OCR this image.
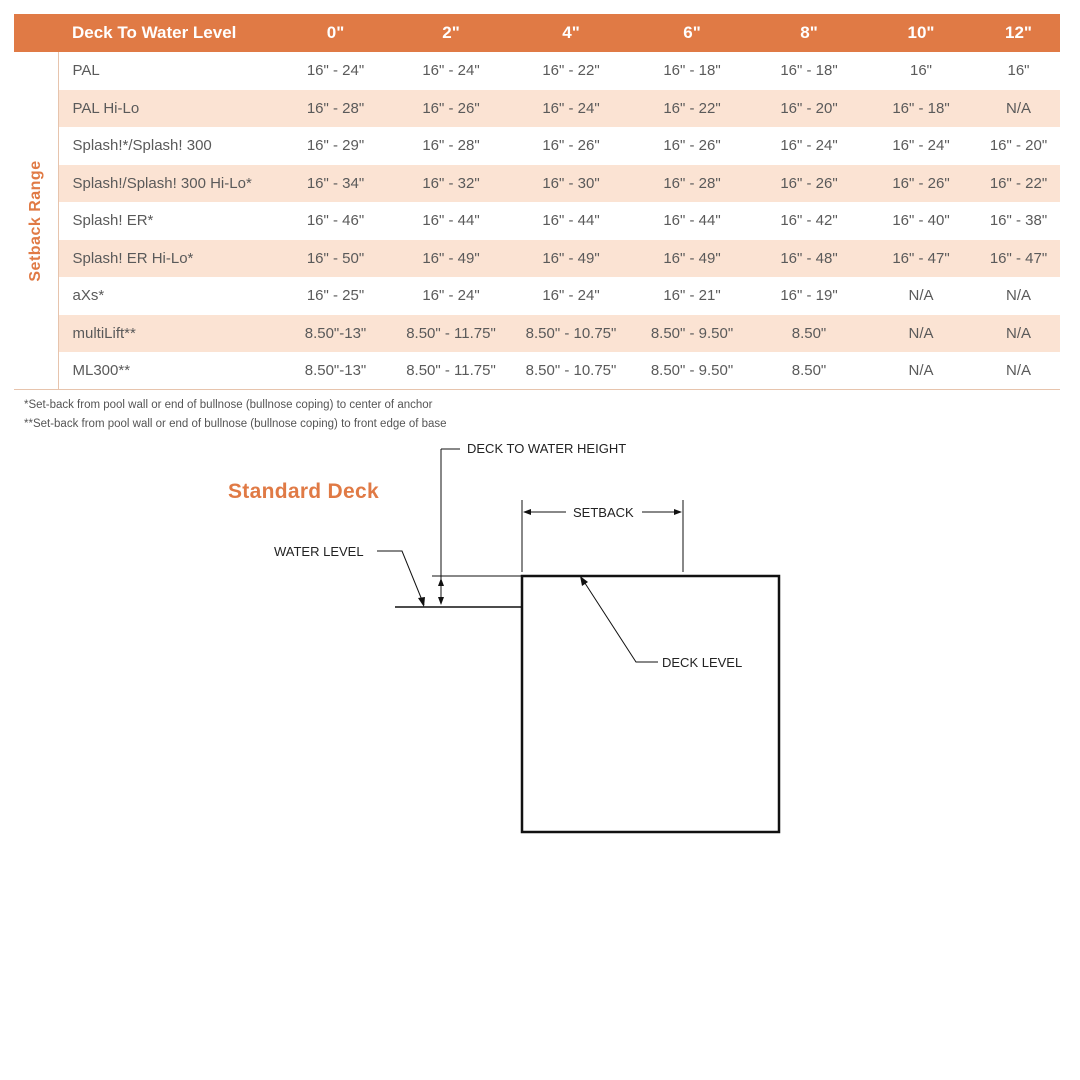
	Deck To Water Level	0"	2"	4"	6"	8"	10"	12"

Setback Range	PAL	16" - 24"	16" - 24"	16" - 22"	16" - 18"	16" - 18"	16"	16"
	PAL Hi-Lo	16" - 28"	16" - 26"	16" - 24"	16" - 22"	16" - 20"	16" - 18"	N/A
	Splash!*/Splash! 300	16" - 29"	16" - 28"	16" - 26"	16" - 26"	16" - 24"	16" - 24"	16" - 20"
	Splash!/Splash! 300 Hi-Lo*	16" - 34"	16" - 32"	16" - 30"	16" - 28"	16" - 26"	16" - 26"	16" - 22"
	Splash! ER*	16" - 46"	16" - 44"	16" - 44"	16" - 44"	16" - 42"	16" - 40"	16" - 38"
	Splash! ER Hi-Lo*	16" - 50"	16" - 49"	16" - 49"	16" - 49"	16" - 48"	16" - 47"	16" - 47"
	aXs*	16" - 25"	16" - 24"	16" - 24"	16" - 21"	16" - 19"	N/A	N/A
	multiLift**	8.50"-13"	8.50" - 11.75"	8.50" - 10.75"	8.50" - 9.50"	8.50"	N/A	N/A
	ML300**	8.50"-13"	8.50" - 11.75"	8.50" - 10.75"	8.50" - 9.50"	8.50"	N/A	N/A
*Set-back from pool wall or end of bullnose (bullnose coping) to center of anchor
**Set-back from pool wall or end of bullnose (bullnose coping) to front edge of base
Standard Deck
DECK TO WATER HEIGHT
SETBACK
WATER LEVEL
DECK LEVEL
